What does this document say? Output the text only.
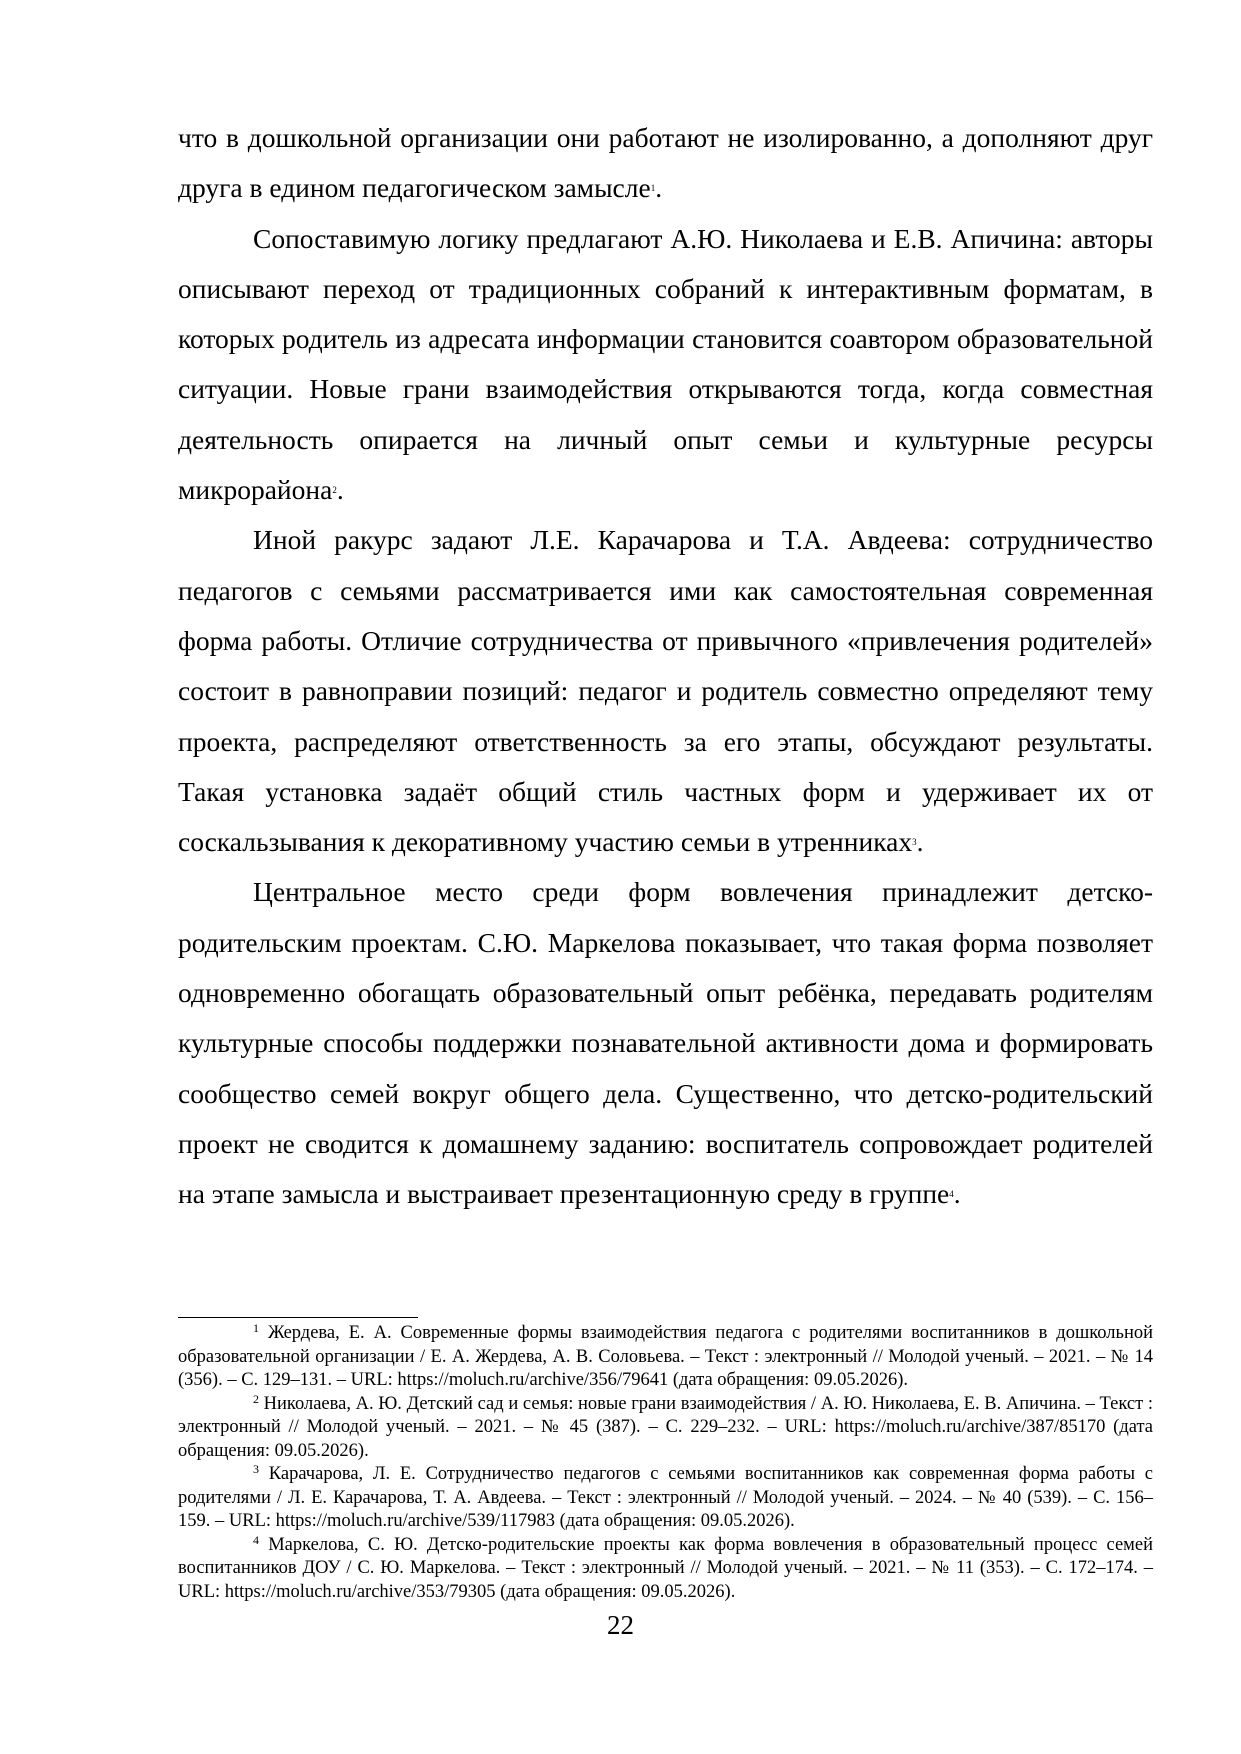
что в дошкольной организации они работают не изолированно, а дополняют друг друга в едином педагогическом замысле$^1$.

Сопоставимую логику предлагают А.Ю. Николаева и Е.В. Апичина: авторы описывают переход от традиционных собраний к интерактивным форматам, в которых родитель из адресата информации становится соавтором образовательной ситуации. Новые грани взаимодействия открываются тогда, когда совместная деятельность опирается на личный опыт семьи и культурные ресурсы микрорайона$^2$.

Иной ракурс задают Л.Е. Карачарова и Т.А. Авдеева: сотрудничество педагогов с семьями рассматривается ими как самостоятельная современная форма работы. Отличие сотрудничества от привычного «привлечения родителей» состоит в равноправии позиций: педагог и родитель совместно определяют тему проекта, распределяют ответственность за его этапы, обсуждают результаты. Такая установка задаёт общий стиль частных форм и удерживает их от соскальзывания к декоративному участию семьи в утренниках$^3$.

Центральное место среди форм вовлечения принадлежит детско-родительским проектам. С.Ю. Маркелова показывает, что такая форма позволяет одновременно обогащать образовательный опыт ребёнка, передавать родителям культурные способы поддержки познавательной активности дома и формировать сообщество семей вокруг общего дела. Существенно, что детско-родительский проект не сводится к домашнему заданию: воспитатель сопровождает родителей на этапе замысла и выстраивает презентационную среду в группе$^4$.

$^1$ Жердева, Е. А. Современные формы взаимодействия педагога с родителями воспитанников в дошкольной образовательной организации / Е. А. Жердева, А. В. Соловьева. – Текст : электронный // Молодой ученый. – 2021. – № 14 (356). – С. 129–131. – URL: https://moluch.ru/archive/356/79641 (дата обращения: 09.05.2026).

$^2$ Николаева, А. Ю. Детский сад и семья: новые грани взаимодействия / А. Ю. Николаева, Е. В. Апичина. – Текст : электронный // Молодой ученый. – 2021. – № 45 (387). – С. 229–232. – URL: https://moluch.ru/archive/387/85170 (дата обращения: 09.05.2026).

$^3$ Карачарова, Л. Е. Сотрудничество педагогов с семьями воспитанников как современная форма работы с родителями / Л. Е. Карачарова, Т. А. Авдеева. – Текст : электронный // Молодой ученый. – 2024. – № 40 (539). – С. 156–159. – URL: https://moluch.ru/archive/539/117983 (дата обращения: 09.05.2026).

$^4$ Маркелова, С. Ю. Детско-родительские проекты как форма вовлечения в образовательный процесс семей воспитанников ДОУ / С. Ю. Маркелова. – Текст : электронный // Молодой ученый. – 2021. – № 11 (353). – С. 172–174. – URL: https://moluch.ru/archive/353/79305 (дата обращения: 09.05.2026).

22
